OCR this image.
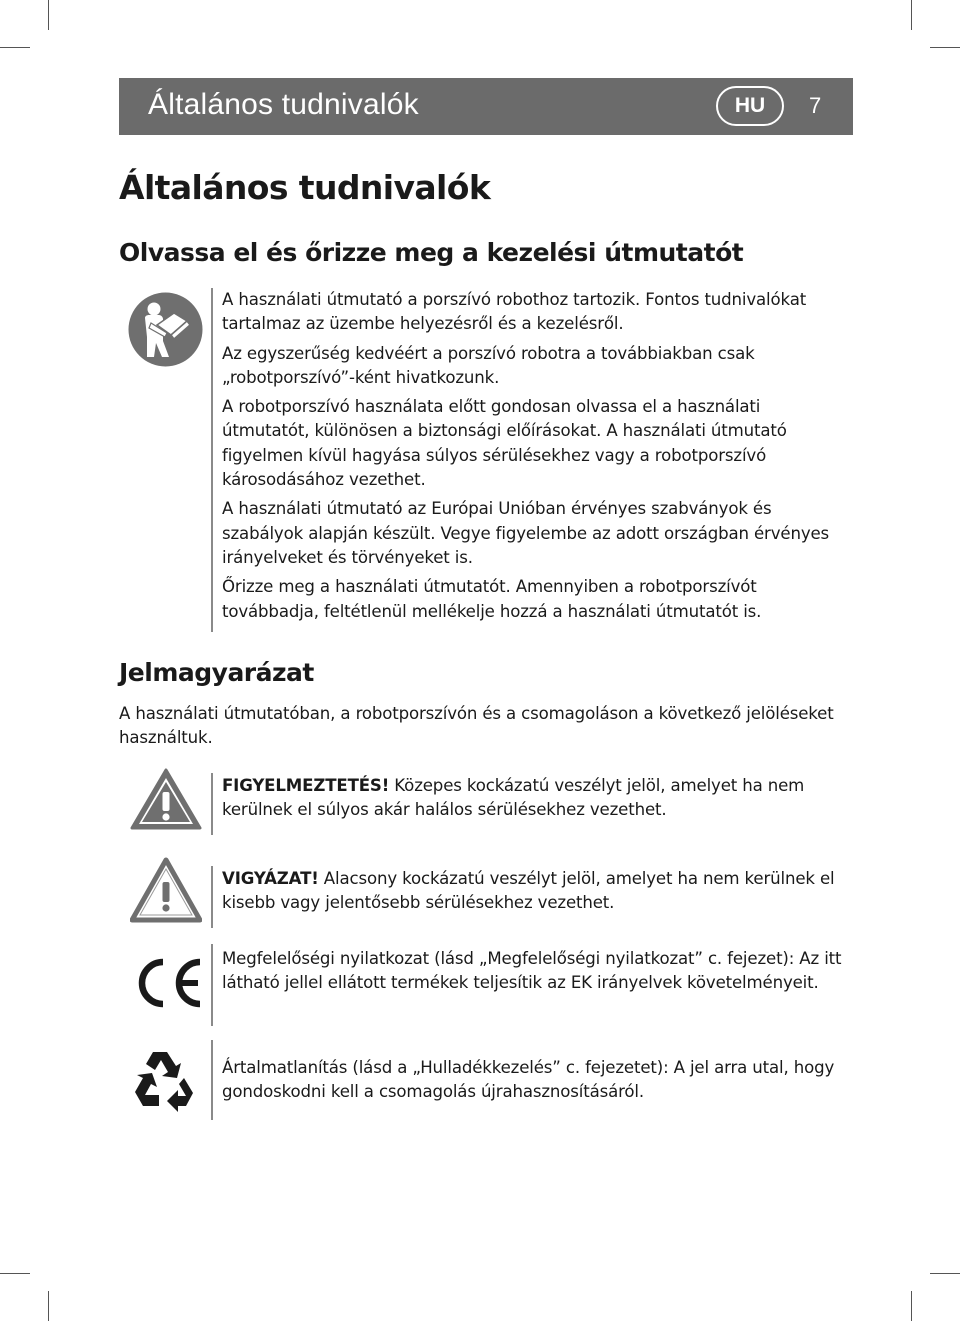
Általános tudnivalók	HU	7
Általános tudnivalók
Olvassa el és őrizze meg a kezelési útmutatót

A használati útmutató a porszívó robothoz tartozik. Fontos tudnivalókat tartalmaz az üzembe helyezésről és a kezelésről.

Az egyszerűség kedvéért a porszívó robotra a továbbiakban csak „robotporszívó”-ként hivatkozunk.

A robotporszívó használata előtt gondosan olvassa el a használati útmutatót, különösen a biztonsági előírásokat. A használati útmutató figyelmen kívül hagyása súlyos sérülésekhez vagy a robotporszívó károsodásához vezethet.

A használati útmutató az Európai Unióban érvényes szabványok és szabályok alapján készült. Vegye figyelembe az adott országban érvényes irányelveket és törvényeket is.

Őrizze meg a használati útmutatót. Amennyiben a robotporszívót továbbadja, feltétlenül mellékelje hozzá a használati útmutatót is.

Jelmagyarázat
A használati útmutatóban, a robotporszívón és a csomagoláson a következő jelöléseket használtuk.

FIGYELMEZTETÉS! Közepes kockázatú veszélyt jelöl, amelyet ha nem kerülnek el súlyos akár halálos sérülésekhez vezethet.

VIGYÁZAT! Alacsony kockázatú veszélyt jelöl, amelyet ha nem kerülnek el kisebb vagy jelentősebb sérülésekhez vezethet.

Megfelelőségi nyilatkozat (lásd „Megfelelőségi nyilatkozat” c. fejezet): Az itt látható jellel ellátott termékek teljesítik az EK irányelvek követelményeit.

Ártalmatlanítás (lásd a „Hulladékkezelés” c. fejezetet): A jel arra utal, hogy gondoskodni kell a csomagolás újrahasznosításáról.
